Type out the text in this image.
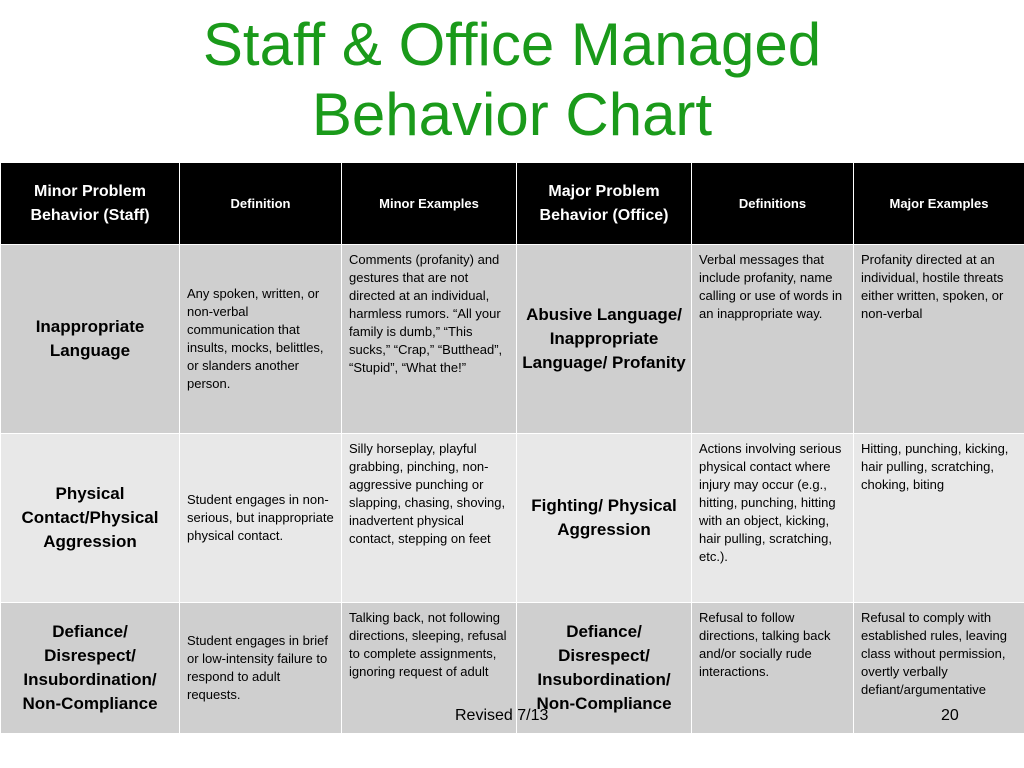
Staff & Office Managed
Behavior Chart
Minor Problem Behavior (Staff)	Definition	Minor Examples	Major Problem Behavior (Office)	Definitions	Major Examples
Inappropriate Language	Any spoken, written, or non-verbal communication that insults, mocks, belittles, or slanders another person.	Comments (profanity) and gestures that are not directed at an individual, harmless rumors. “All your family is dumb,” “This sucks,” “Crap,” “Butthead”, “Stupid”, “What the!”	Abusive Language/ Inappropriate Language/ Profanity	Verbal messages that include profanity, name calling or use of words in an inappropriate way.	Profanity directed at an individual, hostile threats either written, spoken, or non-verbal
Physical Contact/Physical Aggression	Student engages in non-serious, but inappropriate physical contact.	Silly horseplay, playful grabbing, pinching, non-aggressive punching or slapping, chasing, shoving, inadvertent physical contact, stepping on feet	Fighting/ Physical Aggression	Actions involving serious physical contact where injury may occur (e.g., hitting, punching, hitting with an object, kicking, hair pulling, scratching, etc.).	Hitting, punching, kicking, hair pulling, scratching, choking, biting
Defiance/ Disrespect/ Insubordination/ Non-Compliance	Student engages in brief or low-intensity failure to respond to adult requests.	Talking back, not following directions, sleeping, refusal to complete assignments, ignoring request of adult	Defiance/ Disrespect/ Insubordination/ Non-Compliance	Refusal to follow directions, talking back and/or socially rude interactions.	Refusal to comply with established rules, leaving class without permission, overtly verbally defiant/argumentative
Revised 7/13	20
